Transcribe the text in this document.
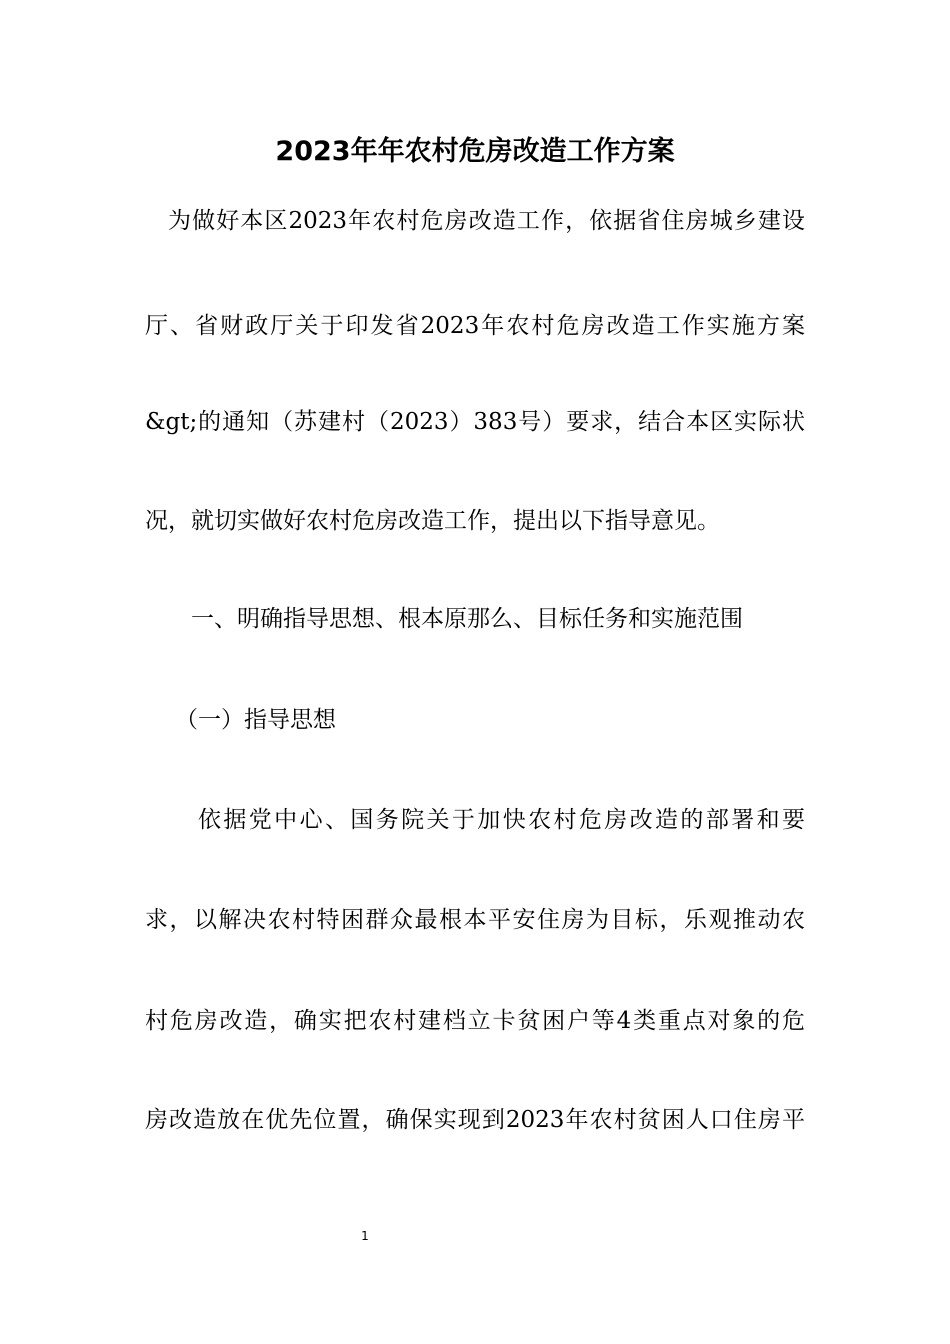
2023年年农村危房改造工作方案
为做好本区2023年农村危房改造工作，依据省住房城乡建设
厅、省财政厅关于印发省2023年农村危房改造工作实施方案
&gt;的通知（苏建村（2023）383号）要求，结合本区实际状
况，就切实做好农村危房改造工作，提出以下指导意见。
一、明确指导思想、根本原那么、目标任务和实施范围
（一）指导思想
依据党中心、国务院关于加快农村危房改造的部署和要
求，以解决农村特困群众最根本平安住房为目标，乐观推动农
村危房改造，确实把农村建档立卡贫困户等4类重点对象的危
房改造放在优先位置，确保实现到2023年农村贫困人口住房平
1
